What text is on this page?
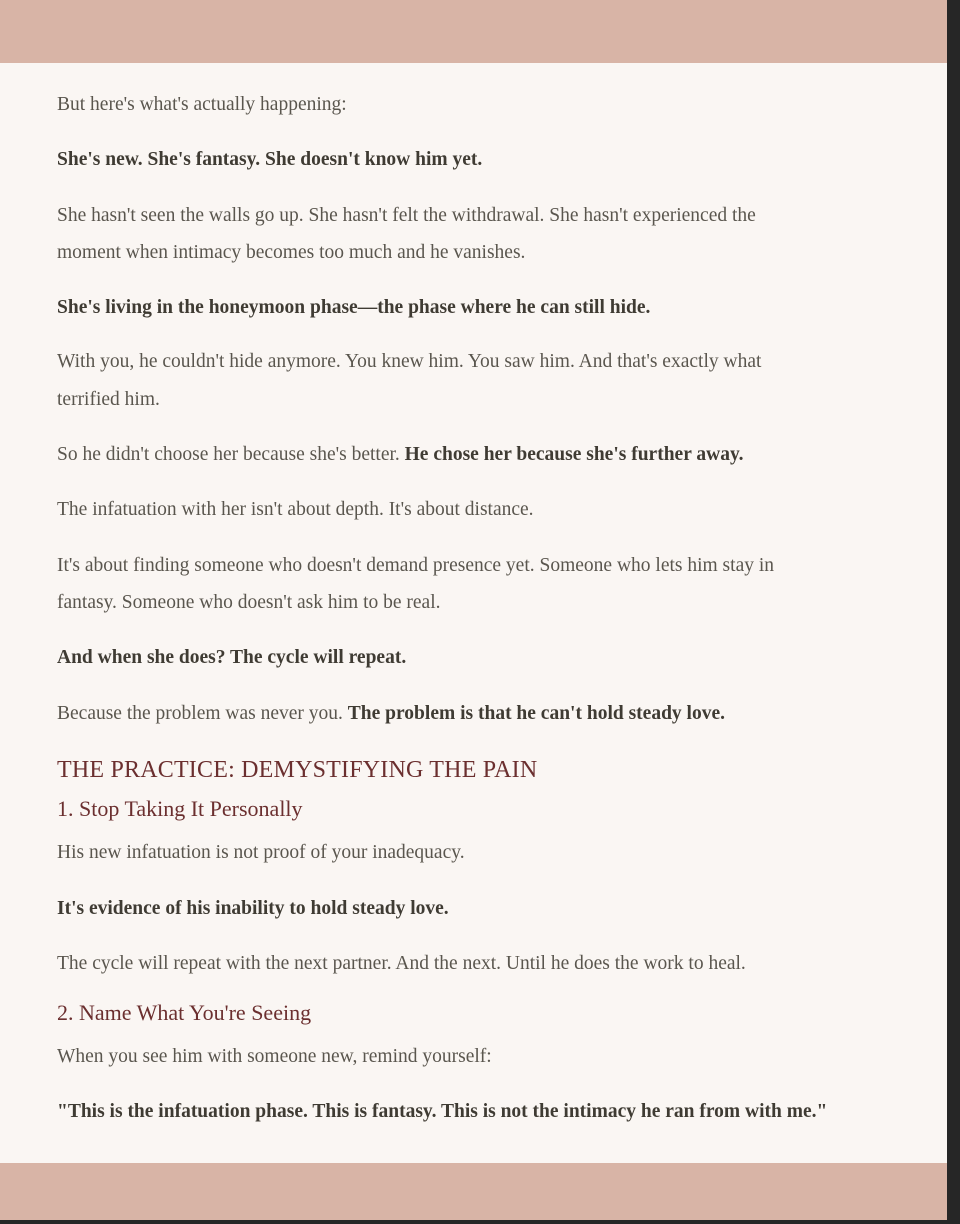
But here's what's actually happening:

She's new. She's fantasy. She doesn't know him yet.

She hasn't seen the walls go up. She hasn't felt the withdrawal. She hasn't experienced the

moment when intimacy becomes too much and he vanishes.

She's living in the honeymoon phase—the phase where he can still hide.

With you, he couldn't hide anymore. You knew him. You saw him. And that's exactly what

terrified him.

So he didn't choose her because she's better. He chose her because she's further away.

The infatuation with her isn't about depth. It's about distance.

It's about finding someone who doesn't demand presence yet. Someone who lets him stay in

fantasy. Someone who doesn't ask him to be real.

And when she does? The cycle will repeat.

Because the problem was never you. The problem is that he can't hold steady love.

THE PRACTICE: DEMYSTIFYING THE PAIN
1. Stop Taking It Personally

His new infatuation is not proof of your inadequacy.

It's evidence of his inability to hold steady love.

The cycle will repeat with the next partner. And the next. Until he does the work to heal.

2. Name What You're Seeing

When you see him with someone new, remind yourself:

"This is the infatuation phase. This is fantasy. This is not the intimacy he ran from with me."
